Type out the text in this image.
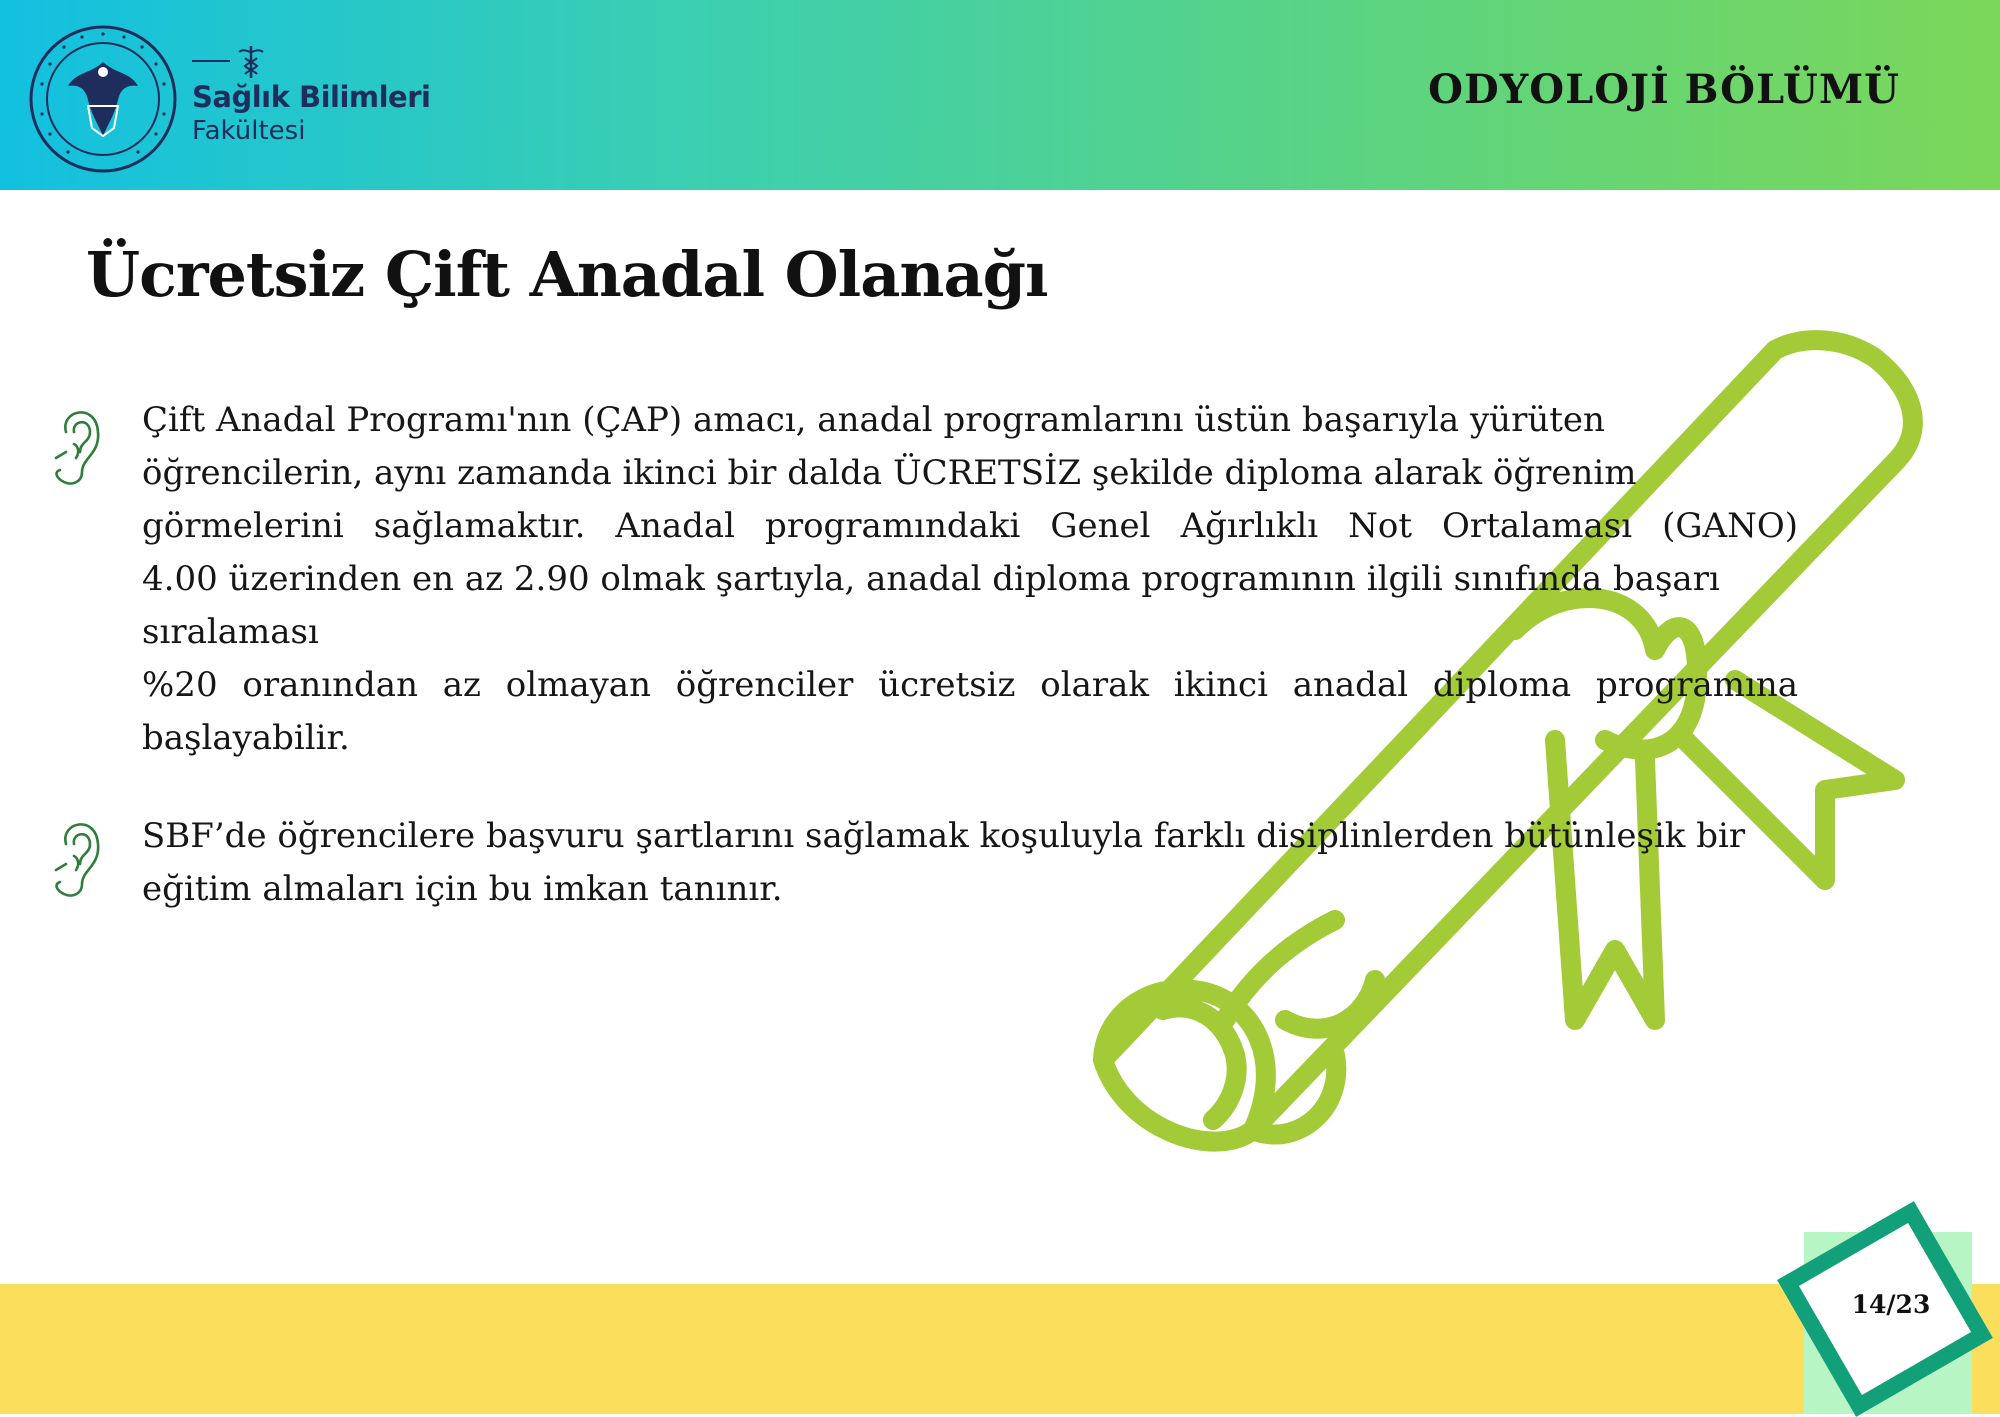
Sağlık Bilimleri
Fakültesi
ODYOLOJİ BÖLÜMÜ
Ücretsiz Çift Anadal Olanağı
Çift Anadal Programı'nın (ÇAP) amacı, anadal programlarını üstün başarıyla yürüten
öğrencilerin, aynı zamanda ikinci bir dalda ÜCRETSİZ şekilde diploma alarak öğrenim
görmelerini sağlamaktır. Anadal programındaki Genel Ağırlıklı Not Ortalaması (GANO)
4.00 üzerinden en az 2.90 olmak şartıyla, anadal diploma programının ilgili sınıfında başarı
sıralaması
%20 oranından az olmayan öğrenciler ücretsiz olarak ikinci anadal diploma programına
başlayabilir.
SBF’de öğrencilere başvuru şartlarını sağlamak koşuluyla farklı disiplinlerden bütünleşik bir
eğitim almaları için bu imkan tanınır.
14/23
